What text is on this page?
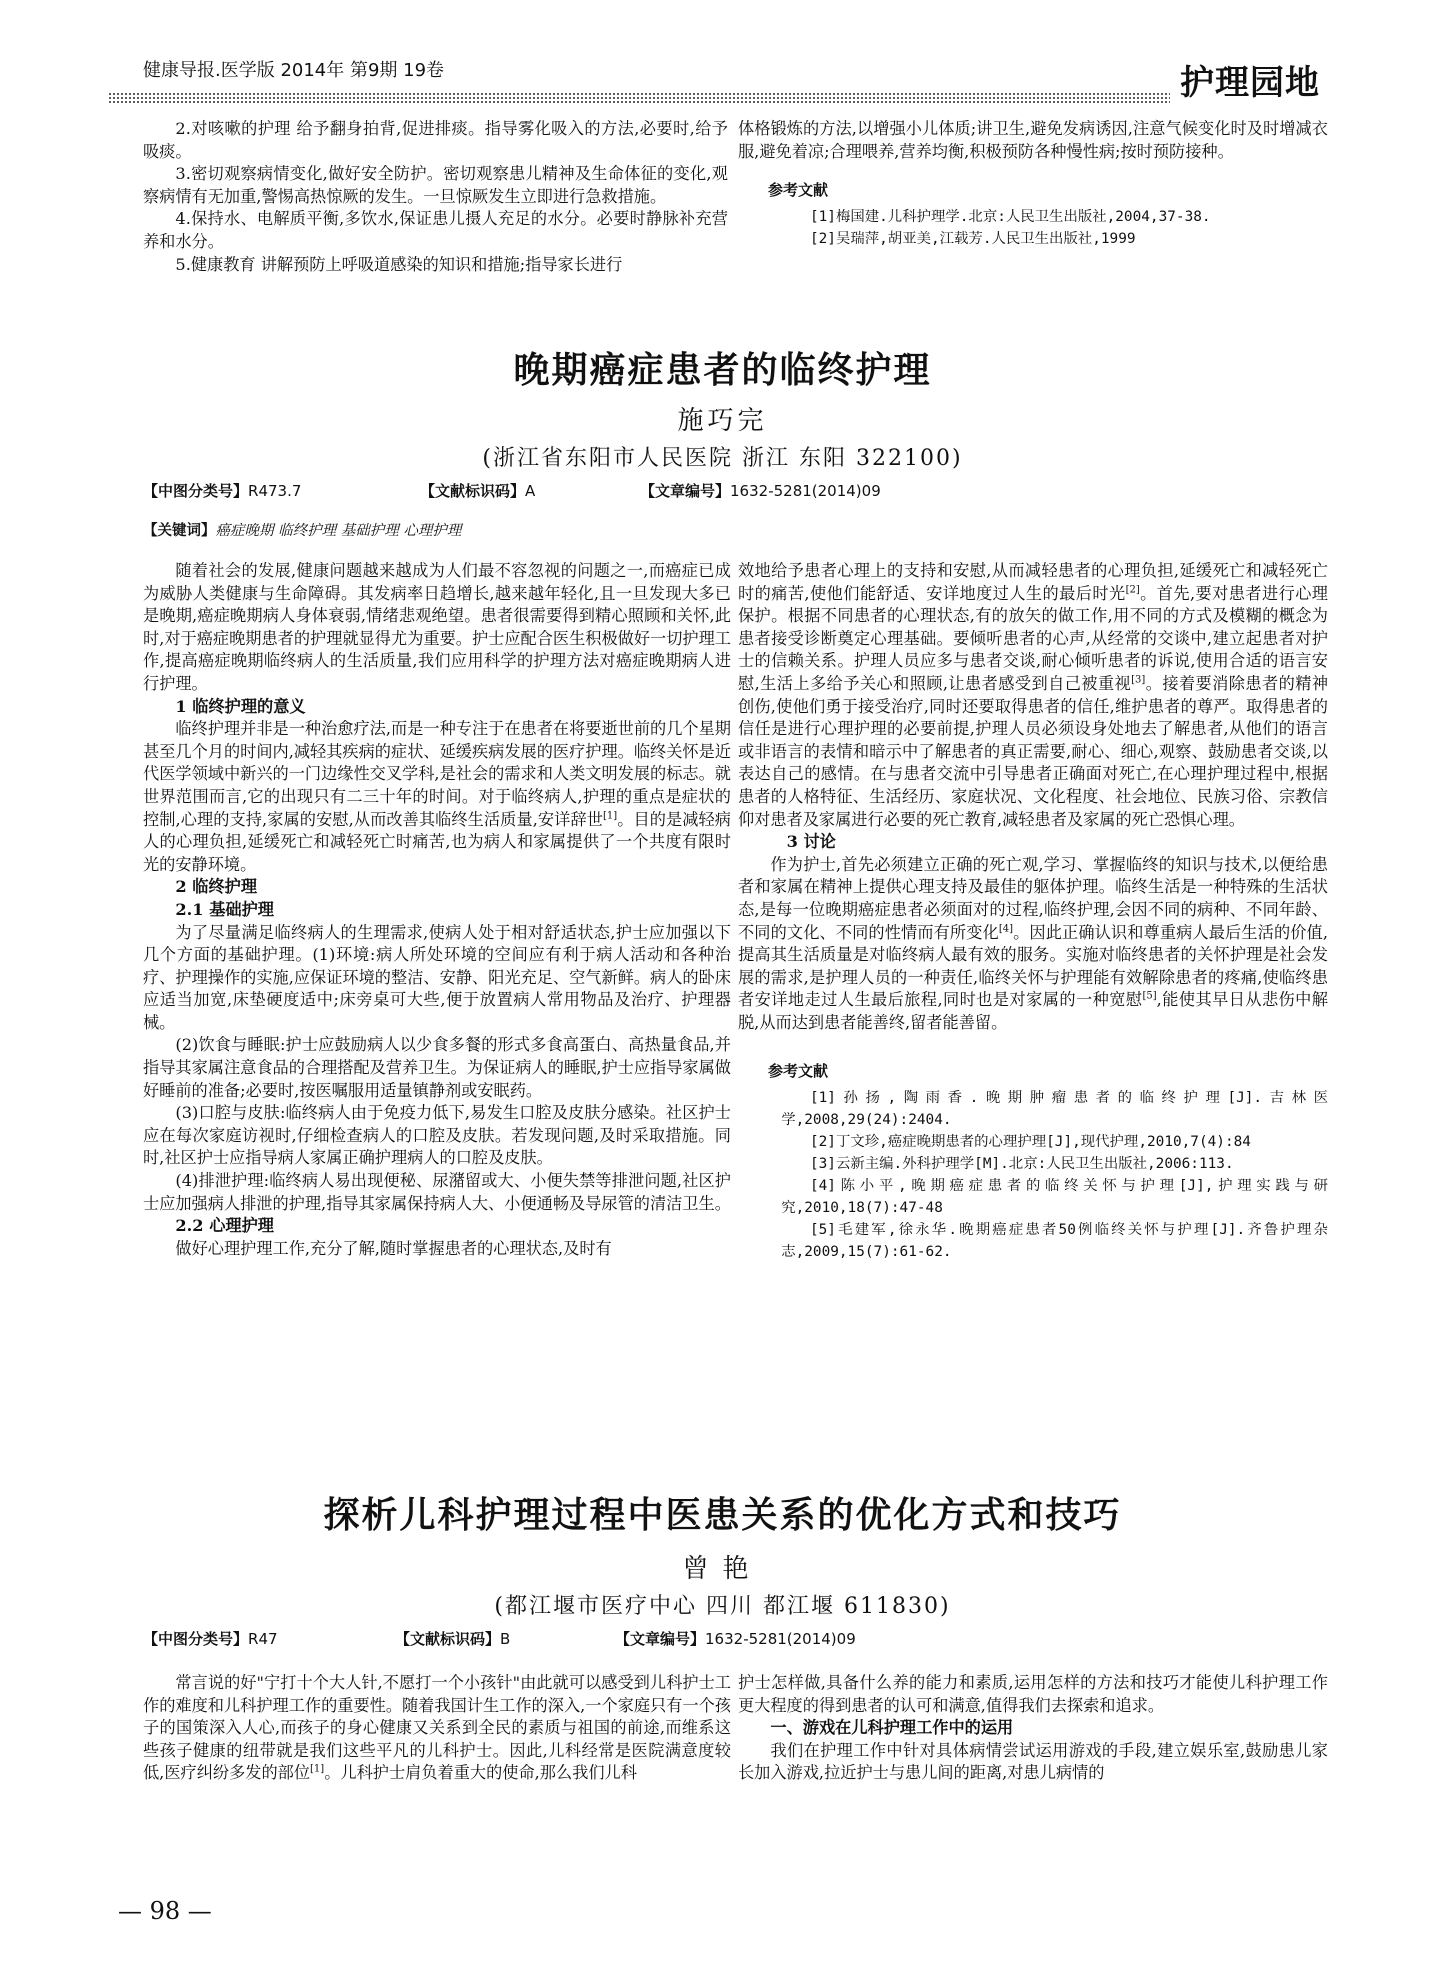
健康导报.医学版 2014年 第9期 19卷	护理园地

2.对咳嗽的护理 给予翻身拍背,促进排痰。指导雾化吸入的方法,必要时,给予吸痰。

3.密切观察病情变化,做好安全防护。密切观察患儿精神及生命体征的变化,观察病情有无加重,警惕高热惊厥的发生。一旦惊厥发生立即进行急救措施。

4.保持水、电解质平衡,多饮水,保证患儿摄人充足的水分。必要时静脉补充营养和水分。

5.健康教育 讲解预防上呼吸道感染的知识和措施;指导家长进行

体格锻炼的方法,以增强小儿体质;讲卫生,避免发病诱因,注意气候变化时及时增减衣服,避免着凉;合理喂养,营养均衡,积极预防各种慢性病;按时预防接种。

参考文献

[1]梅国建.儿科护理学.北京:人民卫生出版社,2004,37-38.

[2]吴瑞萍,胡亚美,江载芳.人民卫生出版社,1999

晚期癌症患者的临终护理
施巧完
(浙江省东阳市人民医院 浙江 东阳 322100)
【中图分类号】R473.7	【文献标识码】A	【文章编号】1632-5281(2014)09
【关键词】癌症晚期 临终护理 基础护理 心理护理

随着社会的发展,健康问题越来越成为人们最不容忽视的问题之一,而癌症已成为威胁人类健康与生命障碍。其发病率日趋增长,越来越年轻化,且一旦发现大多已是晚期,癌症晚期病人身体衰弱,情绪悲观绝望。患者很需要得到精心照顾和关怀,此时,对于癌症晚期患者的护理就显得尤为重要。护士应配合医生积极做好一切护理工作,提高癌症晚期临终病人的生活质量,我们应用科学的护理方法对癌症晚期病人进行护理。

1 临终护理的意义

临终护理并非是一种治愈疗法,而是一种专注于在患者在将要逝世前的几个星期甚至几个月的时间内,减轻其疾病的症状、延缓疾病发展的医疗护理。临终关怀是近代医学领域中新兴的一门边缘性交叉学科,是社会的需求和人类文明发展的标志。就世界范围而言,它的出现只有二三十年的时间。对于临终病人,护理的重点是症状的控制,心理的支持,家属的安慰,从而改善其临终生活质量,安详辞世[1]。目的是减轻病人的心理负担,延缓死亡和减轻死亡时痛苦,也为病人和家属提供了一个共度有限时光的安静环境。

2 临终护理
2.1 基础护理

为了尽量满足临终病人的生理需求,使病人处于相对舒适状态,护士应加强以下几个方面的基础护理。(1)环境:病人所处环境的空间应有利于病人活动和各种治疗、护理操作的实施,应保证环境的整洁、安静、阳光充足、空气新鲜。病人的卧床应适当加宽,床垫硬度适中;床旁桌可大些,便于放置病人常用物品及治疗、护理器械。

(2)饮食与睡眠:护士应鼓励病人以少食多餐的形式多食高蛋白、高热量食品,并指导其家属注意食品的合理搭配及营养卫生。为保证病人的睡眠,护士应指导家属做好睡前的准备;必要时,按医嘱服用适量镇静剂或安眠药。

(3)口腔与皮肤:临终病人由于免疫力低下,易发生口腔及皮肤分感染。社区护士应在每次家庭访视时,仔细检查病人的口腔及皮肤。若发现问题,及时采取措施。同时,社区护士应指导病人家属正确护理病人的口腔及皮肤。

(4)排泄护理:临终病人易出现便秘、尿潴留或大、小便失禁等排泄问题,社区护士应加强病人排泄的护理,指导其家属保持病人大、小便通畅及导尿管的清洁卫生。

2.2 心理护理

做好心理护理工作,充分了解,随时掌握患者的心理状态,及时有

效地给予患者心理上的支持和安慰,从而减轻患者的心理负担,延缓死亡和减轻死亡时的痛苦,使他们能舒适、安详地度过人生的最后时光[2]。首先,要对患者进行心理保护。根据不同患者的心理状态,有的放矢的做工作,用不同的方式及模糊的概念为患者接受诊断奠定心理基础。要倾听患者的心声,从经常的交谈中,建立起患者对护士的信赖关系。护理人员应多与患者交谈,耐心倾听患者的诉说,使用合适的语言安慰,生活上多给予关心和照顾,让患者感受到自己被重视[3]。接着要消除患者的精神创伤,使他们勇于接受治疗,同时还要取得患者的信任,维护患者的尊严。取得患者的信任是进行心理护理的必要前提,护理人员必须设身处地去了解患者,从他们的语言或非语言的表情和暗示中了解患者的真正需要,耐心、细心,观察、鼓励患者交谈,以表达自己的感情。在与患者交流中引导患者正确面对死亡,在心理护理过程中,根据患者的人格特征、生活经历、家庭状况、文化程度、社会地位、民族习俗、宗教信仰对患者及家属进行必要的死亡教育,减轻患者及家属的死亡恐惧心理。

3 讨论

作为护士,首先必须建立正确的死亡观,学习、掌握临终的知识与技术,以便给患者和家属在精神上提供心理支持及最佳的躯体护理。临终生活是一种特殊的生活状态,是每一位晚期癌症患者必须面对的过程,临终护理,会因不同的病种、不同年龄、不同的文化、不同的性情而有所变化[4]。因此正确认识和尊重病人最后生活的价值,提高其生活质量是对临终病人最有效的服务。实施对临终患者的关怀护理是社会发展的需求,是护理人员的一种责任,临终关怀与护理能有效解除患者的疼痛,使临终患者安详地走过人生最后旅程,同时也是对家属的一种宽慰[5],能使其早日从悲伤中解脱,从而达到患者能善终,留者能善留。

参考文献

[1]孙扬,陶雨香.晚期肿瘤患者的临终护理[J].吉林医学,2008,29(24):2404.

[2]丁文珍,癌症晚期患者的心理护理[J],现代护理,2010,7(4):84

[3]云新主编.外科护理学[M].北京:人民卫生出版社,2006:113.

[4]陈小平,晚期癌症患者的临终关怀与护理[J],护理实践与研究,2010,18(7):47-48

[5]毛建军,徐永华.晚期癌症患者50例临终关怀与护理[J].齐鲁护理杂志,2009,15(7):61-62.

探析儿科护理过程中医患关系的优化方式和技巧
曾艳
(都江堰市医疗中心 四川 都江堰 611830)
【中图分类号】R47	【文献标识码】B	【文章编号】1632-5281(2014)09

常言说的好"宁打十个大人针,不愿打一个小孩针"由此就可以感受到儿科护士工作的难度和儿科护理工作的重要性。随着我国计生工作的深入,一个家庭只有一个孩子的国策深入人心,而孩子的身心健康又关系到全民的素质与祖国的前途,而维系这些孩子健康的纽带就是我们这些平凡的儿科护士。因此,儿科经常是医院满意度较低,医疗纠纷多发的部位[1]。儿科护士肩负着重大的使命,那么我们儿科

护士怎样做,具备什么养的能力和素质,运用怎样的方法和技巧才能使儿科护理工作更大程度的得到患者的认可和满意,值得我们去探索和追求。

一、游戏在儿科护理工作中的运用

我们在护理工作中针对具体病情尝试运用游戏的手段,建立娱乐室,鼓励患儿家长加入游戏,拉近护士与患儿间的距离,对患儿病情的

— 98 —
